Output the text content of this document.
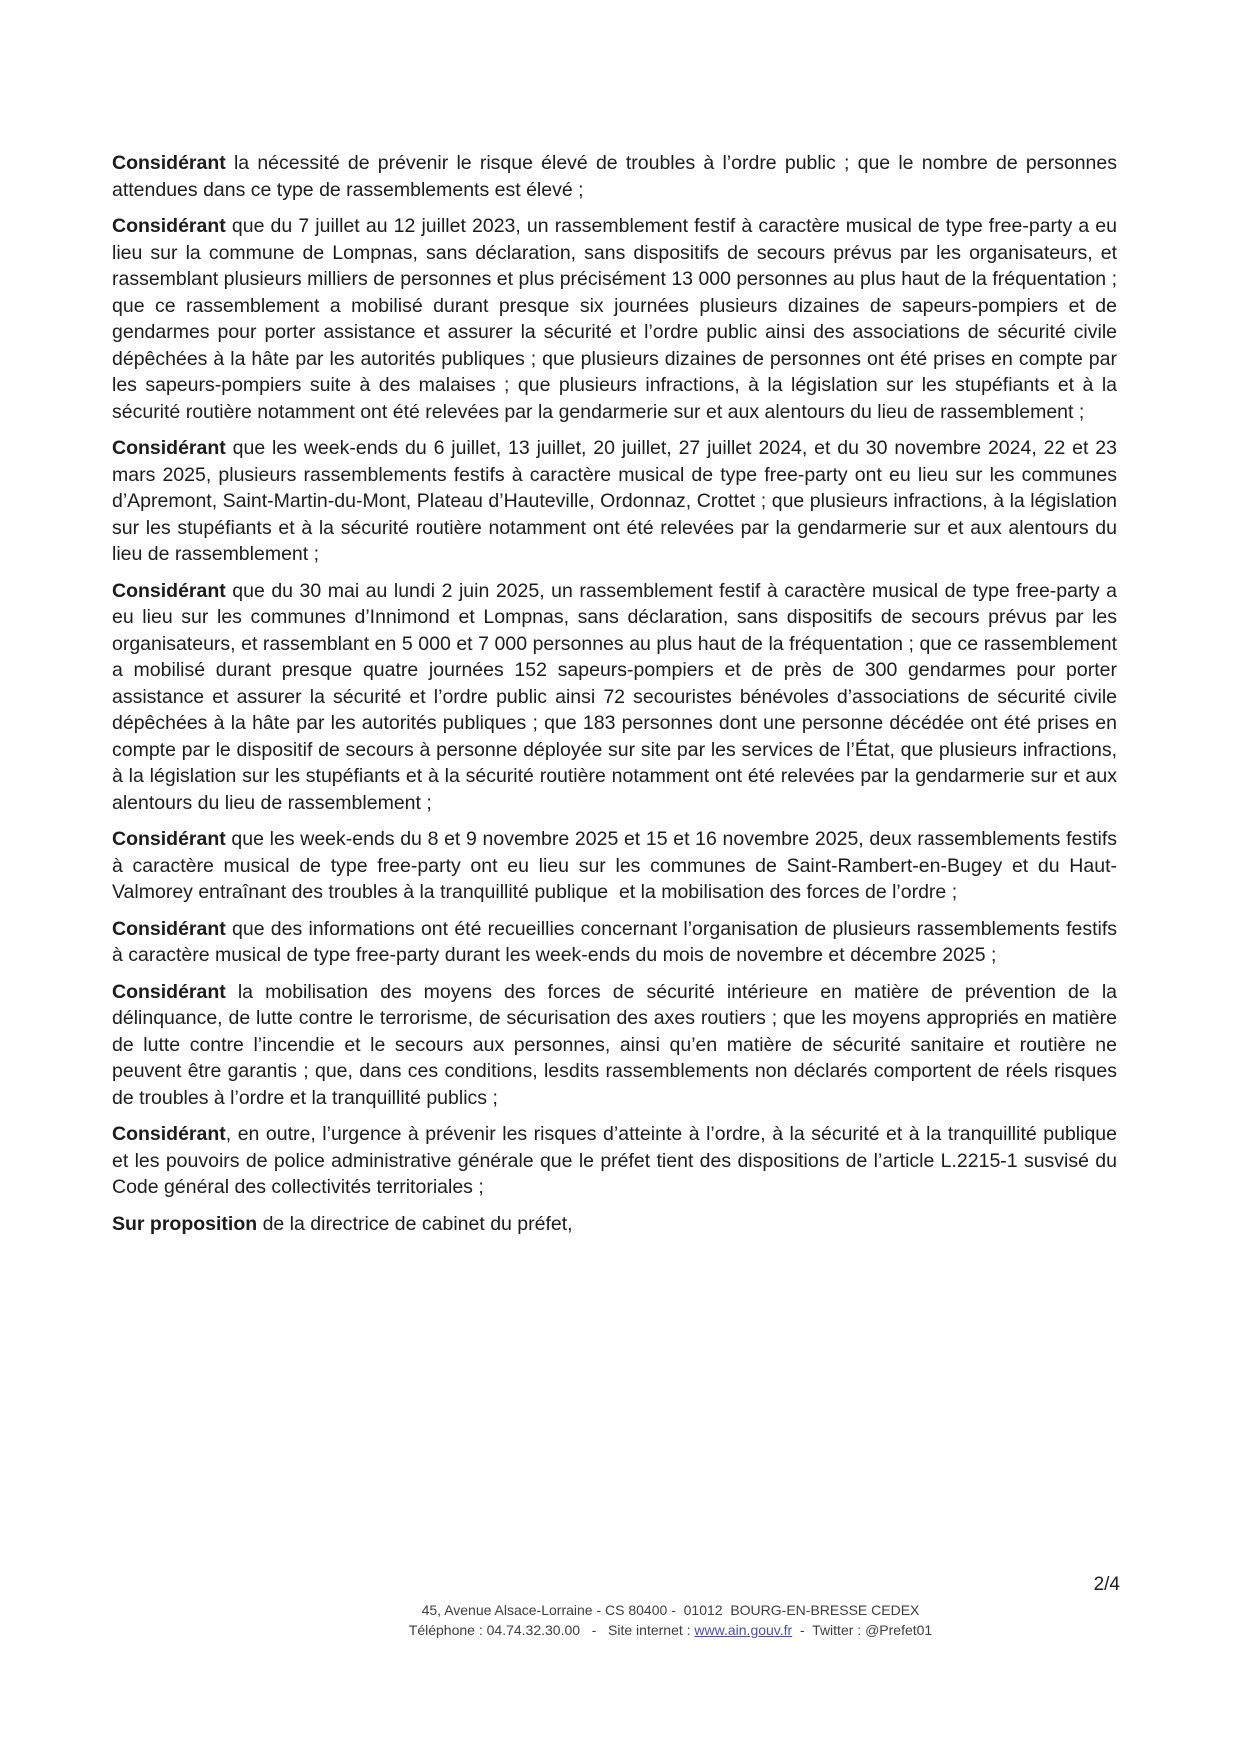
Considérant la nécessité de prévenir le risque élevé de troubles à l’ordre public ; que le nombre de personnes attendues dans ce type de rassemblements est élevé ;

Considérant que du 7 juillet au 12 juillet 2023, un rassemblement festif à caractère musical de type free-party a eu lieu sur la commune de Lompnas, sans déclaration, sans dispositifs de secours prévus par les organisateurs, et rassemblant plusieurs milliers de personnes et plus précisément 13 000 personnes au plus haut de la fréquentation ; que ce rassemblement a mobilisé durant presque six journées plusieurs dizaines de sapeurs-pompiers et de gendarmes pour porter assistance et assurer la sécurité et l’ordre public ainsi des associations de sécurité civile dépêchées à la hâte par les autorités publiques ; que plusieurs dizaines de personnes ont été prises en compte par les sapeurs-pompiers suite à des malaises ; que plusieurs infractions, à la législation sur les stupéfiants et à la sécurité routière notamment ont été relevées par la gendarmerie sur et aux alentours du lieu de rassemblement ;

Considérant que les week-ends du 6 juillet, 13 juillet, 20 juillet, 27 juillet 2024, et du 30 novembre 2024, 22 et 23 mars 2025, plusieurs rassemblements festifs à caractère musical de type free-party ont eu lieu sur les communes d’Apremont, Saint-Martin-du-Mont, Plateau d’Hauteville, Ordonnaz, Crottet ; que plusieurs infractions, à la législation sur les stupéfiants et à la sécurité routière notamment ont été relevées par la gendarmerie sur et aux alentours du lieu de rassemblement ;

Considérant que du 30 mai au lundi 2 juin 2025, un rassemblement festif à caractère musical de type free-party a eu lieu sur les communes d’Innimond et Lompnas, sans déclaration, sans dispositifs de secours prévus par les organisateurs, et rassemblant en 5 000 et 7 000 personnes au plus haut de la fréquentation ; que ce rassemblement a mobilisé durant presque quatre journées 152 sapeurs-pompiers et de près de 300 gendarmes pour porter assistance et assurer la sécurité et l’ordre public ainsi 72 secouristes bénévoles d’associations de sécurité civile dépêchées à la hâte par les autorités publiques ; que 183 personnes dont une personne décédée ont été prises en compte par le dispositif de secours à personne déployée sur site par les services de l’État, que plusieurs infractions, à la législation sur les stupéfiants et à la sécurité routière notamment ont été relevées par la gendarmerie sur et aux alentours du lieu de rassemblement ;

Considérant que les week-ends du 8 et 9 novembre 2025 et 15 et 16 novembre 2025, deux rassemblements festifs à caractère musical de type free-party ont eu lieu sur les communes de Saint-Rambert-en-Bugey et du Haut-Valmorey entraînant des troubles à la tranquillité publique  et la mobilisation des forces de l’ordre ;

Considérant que des informations ont été recueillies concernant l’organisation de plusieurs rassemblements festifs à caractère musical de type free-party durant les week-ends du mois de novembre et décembre 2025 ;

Considérant la mobilisation des moyens des forces de sécurité intérieure en matière de prévention de la délinquance, de lutte contre le terrorisme, de sécurisation des axes routiers ; que les moyens appropriés en matière de lutte contre l’incendie et le secours aux personnes, ainsi qu’en matière de sécurité sanitaire et routière ne peuvent être garantis ; que, dans ces conditions, lesdits rassemblements non déclarés comportent de réels risques de troubles à l’ordre et la tranquillité publics ;

Considérant, en outre, l’urgence à prévenir les risques d’atteinte à l’ordre, à la sécurité et à la tranquillité publique et les pouvoirs de police administrative générale que le préfet tient des dispositions de l’article L.2215-1 susvisé du Code général des collectivités territoriales ;

Sur proposition de la directrice de cabinet du préfet,

2/4
45, Avenue Alsace-Lorraine - CS 80400 -  01012  BOURG-EN-BRESSE CEDEX
Téléphone : 04.74.32.30.00   -   Site internet : www.ain.gouv.fr  -  Twitter : @Prefet01
